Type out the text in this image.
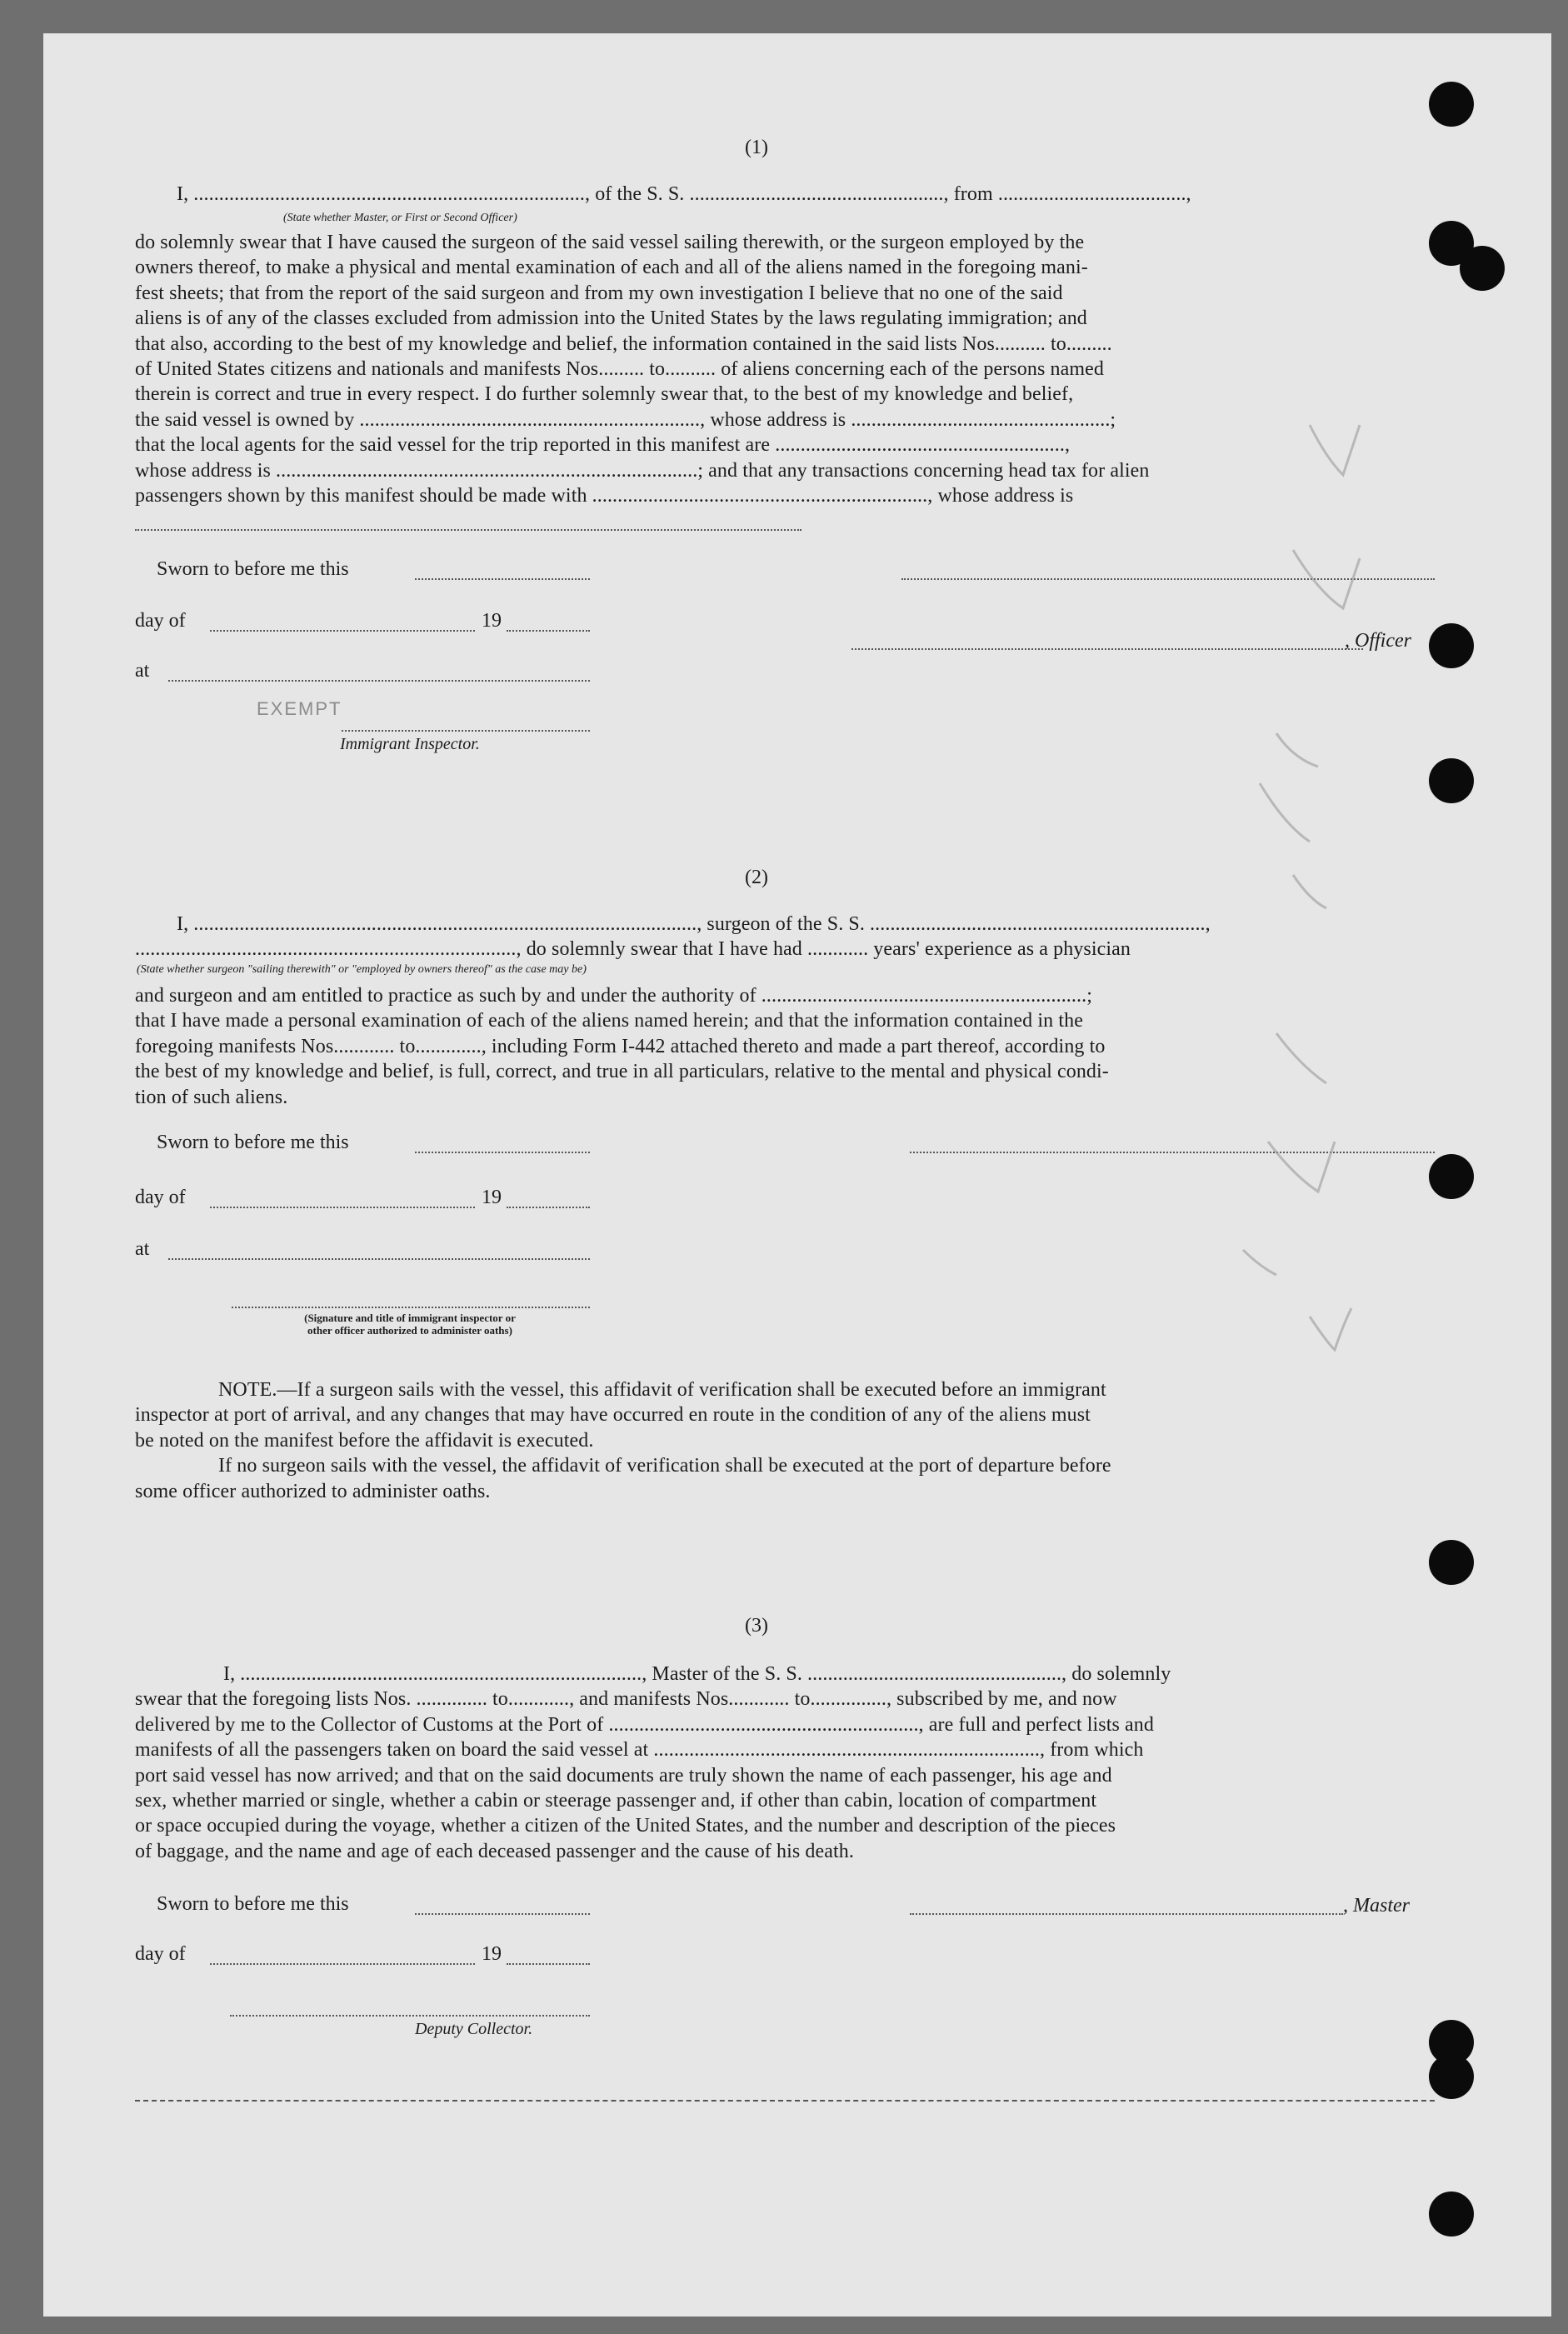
(1)
I, ............................................................................., of the S. S. .................................................., from .....................................,
(State whether Master, or First or Second Officer)
do solemnly swear that I have caused the surgeon of the said vessel sailing therewith, or the surgeon employed by the
owners thereof, to make a physical and mental examination of each and all of the aliens named in the foregoing mani-
fest sheets; that from the report of the said surgeon and from my own investigation I believe that no one of the said
aliens is of any of the classes excluded from admission into the United States by the laws regulating immigration; and
that also, according to the best of my knowledge and belief, the information contained in the said lists Nos.......... to.........
of United States citizens and nationals and manifests Nos......... to.......... of aliens concerning each of the persons named
therein is correct and true in every respect. I do further solemnly swear that, to the best of my knowledge and belief,
the said vessel is owned by ..................................................................., whose address is ...................................................;
that the local agents for the said vessel for the trip reported in this manifest are .........................................................,
whose address is ...................................................................................; and that any transactions concerning head tax for alien
passengers shown by this manifest should be made with .................................................................., whose address is
Sworn to before me this
day of	19
, Officer
at
EXEMPT
Immigrant Inspector.
(2)
I, ..................................................................................................., surgeon of the S. S. ..................................................................,
..........................................................................., do solemnly swear that I have had ............ years' experience as a physician
(State whether surgeon "sailing therewith" or "employed by owners thereof" as the case may be)
and surgeon and am entitled to practice as such by and under the authority of ................................................................;
that I have made a personal examination of each of the aliens named herein; and that the information contained in the
foregoing manifests Nos............ to............., including Form I-442 attached thereto and made a part thereof, according to
the best of my knowledge and belief, is full, correct, and true in all particulars, relative to the mental and physical condi-
tion of such aliens.
Sworn to before me this
day of	19
at
(Signature and title of immigrant inspector or
other officer authorized to administer oaths)
NOTE.—If a surgeon sails with the vessel, this affidavit of verification shall be executed before an immigrant
inspector at port of arrival, and any changes that may have occurred en route in the condition of any of the aliens must
be noted on the manifest before the affidavit is executed.
If no surgeon sails with the vessel, the affidavit of verification shall be executed at the port of departure before
some officer authorized to administer oaths.
(3)
I, ..............................................................................., Master of the S. S. .................................................., do solemnly
swear that the foregoing lists Nos. .............. to............, and manifests Nos............ to..............., subscribed by me, and now
delivered by me to the Collector of Customs at the Port of ............................................................., are full and perfect lists and
manifests of all the passengers taken on board the said vessel at ............................................................................, from which
port said vessel has now arrived; and that on the said documents are truly shown the name of each passenger, his age and
sex, whether married or single, whether a cabin or steerage passenger and, if other than cabin, location of compartment
or space occupied during the voyage, whether a citizen of the United States, and the number and description of the pieces
of baggage, and the name and age of each deceased passenger and the cause of his death.
Sworn to before me this	, Master
day of	19
Deputy Collector.
